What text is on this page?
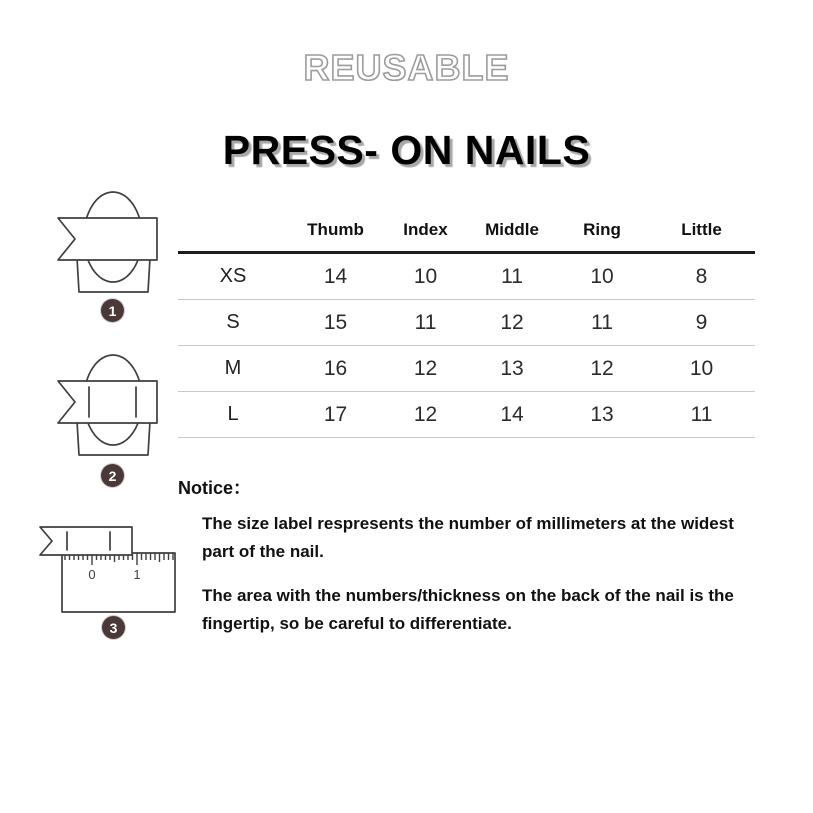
REUSABLE
PRESS- ON NAILS
1
2
0	1
3
	Thumb	Index	Middle	Ring	Little
XS	14	10	11	10	8
S	15	11	12	11	9
M	16	12	13	12	10
L	17	12	14	13	11
Notice：

The size label respresents the number of millimeters at the widest part of the nail.

The area with the numbers/thickness on the back of the nail is the fingertip, so be careful to differentiate.
